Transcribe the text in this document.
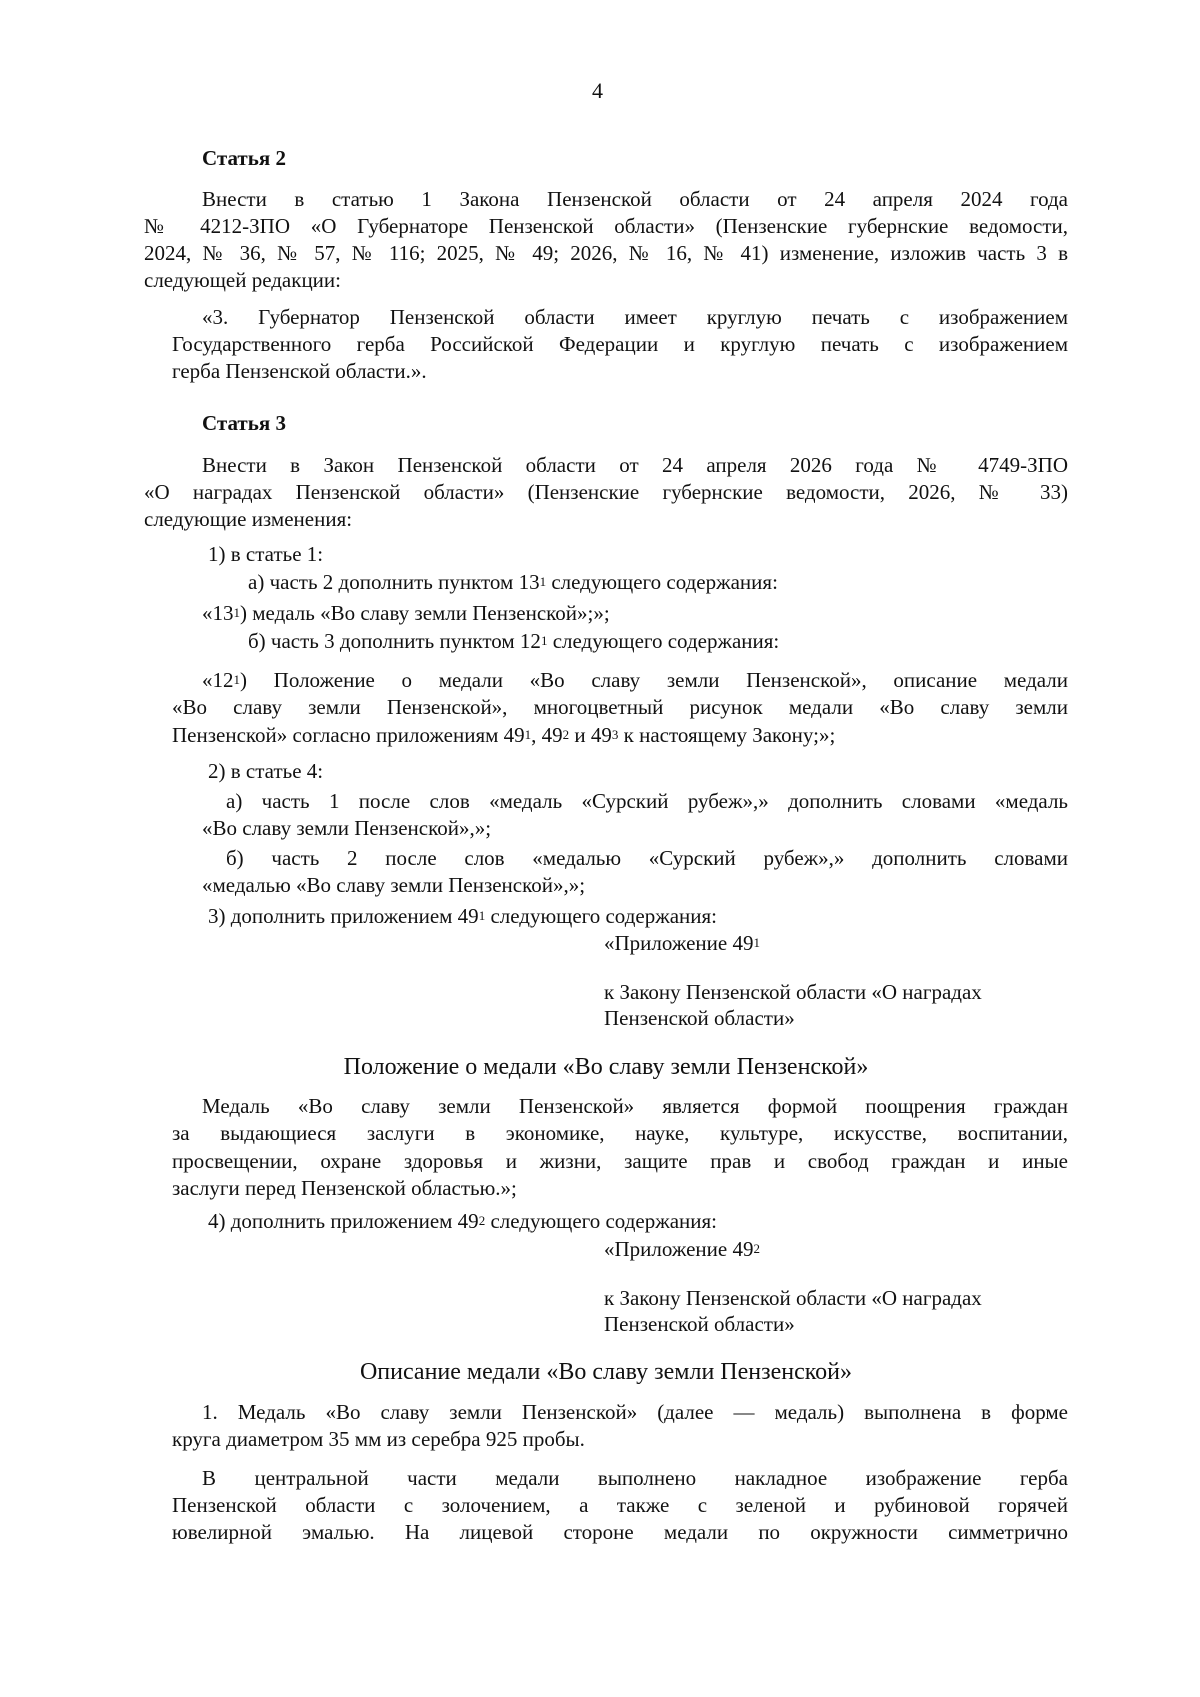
4
Статья 2
Внести в статью 1 Закона Пензенской области от 24 апреля 2024 года
№ 4212-ЗПО «О Губернаторе Пензенской области» (Пензенские губернские ведомости,
2024, № 36, № 57, № 116; 2025, № 49; 2026, № 16, № 41) изменение, изложив часть 3 в
следующей редакции:
«3. Губернатор Пензенской области имеет круглую печать с изображением
Государственного герба Российской Федерации и круглую печать с изображением
герба Пензенской области.».
Статья 3
Внести в Закон Пензенской области от 24 апреля 2026 года № 4749-ЗПО
«О наградах Пензенской области» (Пензенские губернские ведомости, 2026, № 33)
следующие изменения:
1) в статье 1:
а) часть 2 дополнить пунктом $13^1$ следующего содержания:
«$13^1$) медаль «Во славу земли Пензенской»;»;
б) часть 3 дополнить пунктом $12^1$ следующего содержания:
«$12^1$) Положение о медали «Во славу земли Пензенской», описание медали
«Во славу земли Пензенской», многоцветный рисунок медали «Во славу земли
Пензенской» согласно приложениям $49^1$, $49^2$ и $49^3$ к настоящему Закону;»;
2) в статье 4:
а) часть 1 после слов «медаль «Сурский рубеж»,» дополнить словами «медаль
«Во славу земли Пензенской»,»;
б) часть 2 после слов «медалью «Сурский рубеж»,» дополнить словами
«медалью «Во славу земли Пензенской»,»;
3) дополнить приложением $49^1$ следующего содержания:
«Приложение $49^1$
к Закону Пензенской области «О наградах
Пензенской области»
Положение о медали «Во славу земли Пензенской»
Медаль «Во славу земли Пензенской» является формой поощрения граждан
за выдающиеся заслуги в экономике, науке, культуре, искусстве, воспитании,
просвещении, охране здоровья и жизни, защите прав и свобод граждан и иные
заслуги перед Пензенской областью.»;
4) дополнить приложением $49^2$ следующего содержания:
«Приложение $49^2$
к Закону Пензенской области «О наградах
Пензенской области»
Описание медали «Во славу земли Пензенской»
1. Медаль «Во славу земли Пензенской» (далее — медаль) выполнена в форме
круга диаметром 35 мм из серебра 925 пробы.
В центральной части медали выполнено накладное изображение герба
Пензенской области с золочением, а также с зеленой и рубиновой горячей
ювелирной эмалью. На лицевой стороне медали по окружности симметрично
